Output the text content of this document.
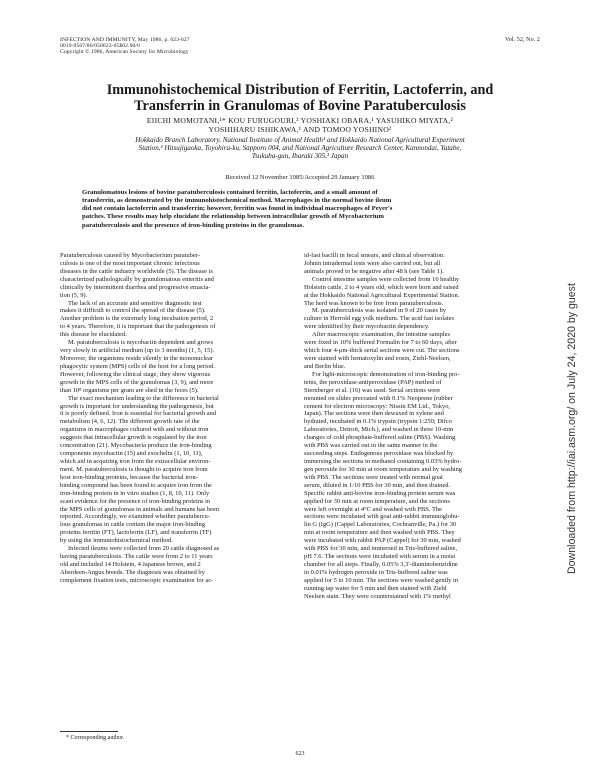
INFECTION AND IMMUNITY, May 1986, p. 623-627
0019-9567/86/050623-05$02.00/0
Copyright © 1986, American Society for Microbiology
Vol. 52, No. 2
Immunohistochemical Distribution of Ferritin, Lactoferrin, and
Transferrin in Granulomas of Bovine Paratuberculosis
EIICHI MOMOTANI,¹* KOU FURUGOURI,² YOSHIAKI OBARA,¹ YASUHIKO MIYATA,²
YOSHIHARU ISHIKAWA,¹ AND TOMOO YOSHINO²
Hokkaido Branch Laboratory, National Institute of Animal Health¹ and Hokkaido National Agricultural Experiment
Station,² Hitsujigaoka, Toyohira-ku, Sapporo 004, and National Agriculture Research Center, Kannondai, Yatabe,
Tsukuba-gun, Ibaraki 305,³ Japan
Received 12 November 1985/Accepted 29 January 1986
Granulomatous lesions of bovine paratuberculosis contained ferritin, lactoferrin, and a small amount of
transferrin, as demonstrated by the immunohistochemical method. Macrophages in the normal bovine ileum
did not contain lactoferrin and transferrin; however, ferritin was found in individual macrophages of Peyer's
patches. These results may help elucidate the relationship between intracellular growth of Mycobacterium
paratuberculosis and the presence of iron-binding proteins in the granulomas.
Paratuberculosis caused by Mycobacterium paratuber-
culosis is one of the most important chronic infectious
diseases in the cattle industry worldwide (5). The disease is
characterized pathologically by granulomatous enteritis and
clinically by intermittent diarrhea and progressive emacia-
tion (5, 9).
The lack of an accurate and sensitive diagnostic test
makes it difficult to control the spread of the disease (5).
Another problem is the extremely long incubation period, 2
to 4 years. Therefore, it is important that the pathogenesis of
this disease be elucidated.
M. paratuberculosis is mycobactin dependent and grows
very slowly in artificial medium (up to 3 months) (1, 5, 15).
Moreover, the organisms reside silently in the mononuclear
phagocytic system (MPS) cells of the host for a long period.
However, following the clinical stage, they show vigorous
growth in the MPS cells of the granulomas (3, 9), and more
than 10⁸ organisms per gram are shed in the feces (5).
The exact mechanism leading to the difference in bacterial
growth is important for understanding the pathogenesis, but
it is poorly defined. Iron is essential for bacterial growth and
metabolism (4, 6, 12). The different growth rate of the
organisms in macrophages cultured with and without iron
suggests that intracellular growth is regulated by the iron
concentration (21). Mycobacteria produce the iron-binding
components mycobactin (15) and exochelin (1, 10, 11),
which aid in acquiring iron from the extracellular environ-
ment. M. paratuberculosis is thought to acquire iron from
host iron-binding proteins, because the bacterial iron-
binding compound has been found to acquire iron from the
iron-binding protein in in vitro studies (1, 8, 10, 11). Only
scant evidence for the presence of iron-binding proteins in
the MPS cells of granulomas in animals and humans has been
reported. Accordingly, we examined whether paratubercu-
lous granulomas in cattle contain the major iron-binding
proteins ferritin (FT), lactoferrin (LF), and transferrin (TF)
by using the immunohistochemical method.
Infected ileums were collected from 20 cattle diagnosed as
having paratuberculosis. The cattle were from 2 to 11 years
old and included 14 Holstein, 4 Japanese brown, and 2
Aberdeen-Angus breeds. The diagnosis was obtained by
complement fixation tests, microscopic examination for ac-
id-fast bacilli in fecal smears, and clinical observation.
Johnin intradermal tests were also carried out, but all
animals proved to be negative after 48 h (see Table 1).
Control intestine samples were collected from 10 healthy
Holstein cattle, 2 to 4 years old, which were born and raised
at the Hokkaido National Agricultural Experimental Station.
The herd was known to be free from paratuberculosis.
M. paratuberculosis was isolated in 9 of 20 cases by
culture in Herrold egg yolk medium. The acid fast isolates
were identified by their mycobactin dependency.
After macroscopic examination, the intestine samples
were fixed in 10% buffered Formalin for 7 to 60 days, after
which four 4-μm-thick serial sections were cut. The sections
were stained with hematoxylin and eosin, Ziehl-Neelsen,
and Berlin blue.
For light-microscopic demonstration of iron-binding pro-
teins, the peroxidase-antiperoxidase (PAP) method of
Sternberger et al. (16) was used. Serial sections were
mounted on slides precoated with 0.1% Neoprene (rubber
cement for electron microscopy: Nissin EM Ltd., Tokyo,
Japan). The sections were then dewaxed in xylene and
hydrated, incubated in 0.1% trypsin (trypsin 1:250; Difco
Laboratories, Detroit, Mich.), and washed in three 10-min
changes of cold phosphate-buffered saline (PBS). Washing
with PBS was carried out in the same manner in the
succeeding steps. Endogenous peroxidase was blocked by
immersing the sections in methanol containing 0.03% hydro-
gen peroxide for 30 min at room temperature and by washing
with PBS. The sections were treated with normal goat
serum, diluted in 1/10 PBS for 30 min, and then drained.
Specific rabbit anti-bovine iron-binding protein serum was
applied for 30 min at room temperature, and the sections
were left overnight at 4°C and washed with PBS. The
sections were incubated with goat anti-rabbit immunoglobu-
lin G (IgG) (Cappel Laboratories, Cochranville, Pa.) for 30
min at room temperature and then washed with PBS. They
were incubated with rabbit PAP (Cappel) for 30 min, washed
with PBS for 30 min, and immersed in Tris-buffered saline,
pH 7.6. The sections were incubated with serum in a moist
chamber for all steps. Finally, 0.05% 3,3'-diaminobenzidine
in 0.01% hydrogen peroxide in Tris-buffered saline was
applied for 5 to 10 min. The sections were washed gently in
running tap water for 5 min and then stained with Ziehl
Neelsen stain. They were counterstained with 1% methyl
* Corresponding author.
623
Downloaded from http://iai.asm.org/ on July 24, 2020 by guest
